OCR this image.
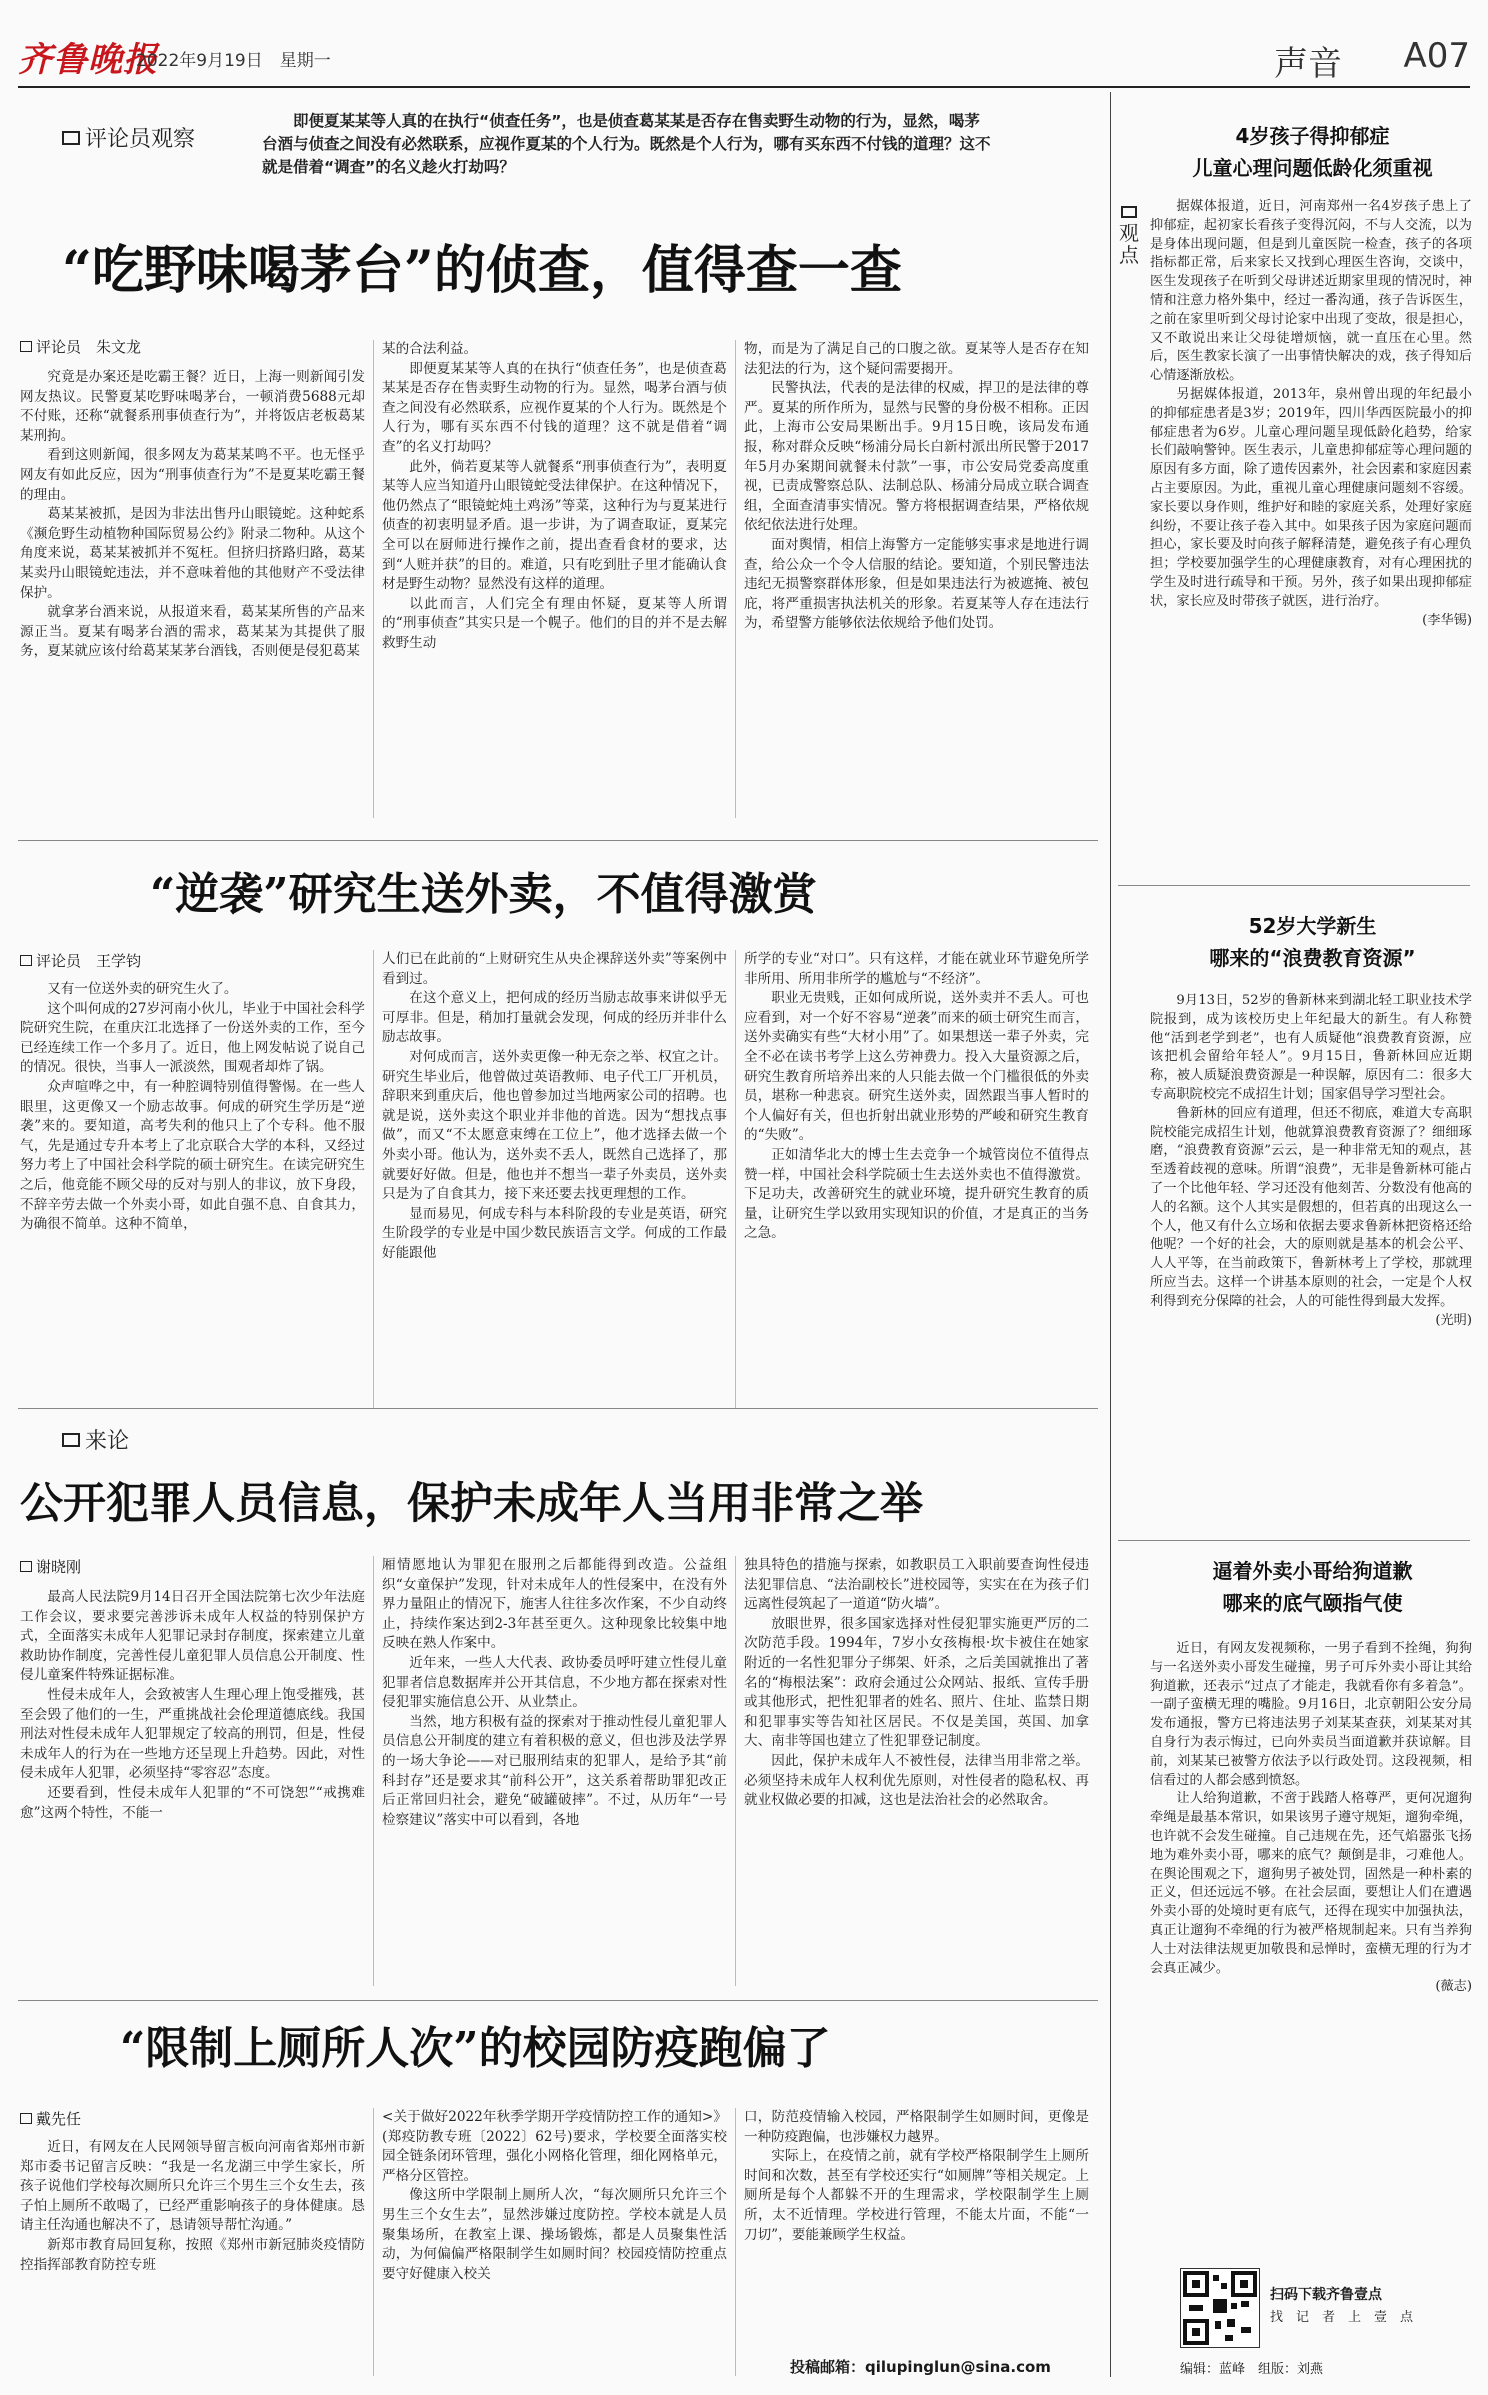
齐鲁晚报
2022年9月19日　星期一	声音 A07
评论员观察
即便夏某某等人真的在执行“侦查任务”，也是侦查葛某某是否存在售卖野生动物的行为，显然，喝茅台酒与侦查之间没有必然联系，应视作夏某的个人行为。既然是个人行为，哪有买东西不付钱的道理？这不就是借着“调查”的名义趁火打劫吗？
“吃野味喝茅台”的侦查，值得查一查
评论员　朱文龙

究竟是办案还是吃霸王餐？近日，上海一则新闻引发网友热议。民警夏某吃野味喝茅台，一顿消费5688元却不付账，还称“就餐系刑事侦查行为”，并将饭店老板葛某某刑拘。

看到这则新闻，很多网友为葛某某鸣不平。也无怪乎网友有如此反应，因为“刑事侦查行为”不是夏某吃霸王餐的理由。

葛某某被抓，是因为非法出售丹山眼镜蛇。这种蛇系《濒危野生动植物种国际贸易公约》附录二物种。从这个角度来说，葛某某被抓并不冤枉。但挤归挤路归路，葛某某卖丹山眼镜蛇违法，并不意味着他的其他财产不受法律保护。

就拿茅台酒来说，从报道来看，葛某某所售的产品来源正当。夏某有喝茅台酒的需求，葛某某为其提供了服务，夏某就应该付给葛某某茅台酒钱，否则便是侵犯葛某

某的合法利益。

即便夏某某等人真的在执行“侦查任务”，也是侦查葛某某是否存在售卖野生动物的行为。显然，喝茅台酒与侦查之间没有必然联系，应视作夏某的个人行为。既然是个人行为，哪有买东西不付钱的道理？这不就是借着“调查”的名义打劫吗？

此外，倘若夏某等人就餐系“刑事侦查行为”，表明夏某等人应当知道丹山眼镜蛇受法律保护。在这种情况下，他仍然点了“眼镜蛇炖土鸡汤”等菜，这种行为与夏某进行侦查的初衷明显矛盾。退一步讲，为了调查取证，夏某完全可以在厨师进行操作之前，提出查看食材的要求，达到“人赃并获”的目的。难道，只有吃到肚子里才能确认食材是野生动物？显然没有这样的道理。

以此而言，人们完全有理由怀疑，夏某等人所谓的“刑事侦查”其实只是一个幌子。他们的目的并不是去解救野生动

物，而是为了满足自己的口腹之欲。夏某等人是否存在知法犯法的行为，这个疑问需要揭开。

民警执法，代表的是法律的权威，捍卫的是法律的尊严。夏某的所作所为，显然与民警的身份极不相称。正因此，上海市公安局果断出手。9月15日晚，该局发布通报，称对群众反映“杨浦分局长白新村派出所民警于2017年5月办案期间就餐未付款”一事，市公安局党委高度重视，已责成警察总队、法制总队、杨浦分局成立联合调查组，全面查清事实情况。警方将根据调查结果，严格依规依纪依法进行处理。

面对舆情，相信上海警方一定能够实事求是地进行调查，给公众一个令人信服的结论。要知道，个别民警违法违纪无损警察群体形象，但是如果违法行为被遮掩、被包庇，将严重损害执法机关的形象。若夏某等人存在违法行为，希望警方能够依法依规给予他们处罚。

“逆袭”研究生送外卖，不值得激赏
评论员　王学钧

又有一位送外卖的研究生火了。

这个叫何成的27岁河南小伙儿，毕业于中国社会科学院研究生院，在重庆江北选择了一份送外卖的工作，至今已经连续工作一个多月了。近日，他上网发帖说了说自己的情况。很快，当事人一派淡然，围观者却炸了锅。

众声喧哗之中，有一种腔调特别值得警惕。在一些人眼里，这更像又一个励志故事。何成的研究生学历是“逆袭”来的。要知道，高考失利的他只上了个专科。他不服气，先是通过专升本考上了北京联合大学的本科，又经过努力考上了中国社会科学院的硕士研究生。在读完研究生之后，他竟能不顾父母的反对与别人的非议，放下身段，不辞辛劳去做一个外卖小哥，如此自强不息、自食其力，为确很不简单。这种不简单，

人们已在此前的“上财研究生从央企裸辞送外卖”等案例中看到过。

在这个意义上，把何成的经历当励志故事来讲似乎无可厚非。但是，稍加打量就会发现，何成的经历并非什么励志故事。

对何成而言，送外卖更像一种无奈之举、权宜之计。研究生毕业后，他曾做过英语教师、电子代工厂开机员，辞职来到重庆后，他也曾参加过当地两家公司的招聘。也就是说，送外卖这个职业并非他的首选。因为“想找点事做”，而又“不太愿意束缚在工位上”，他才选择去做一个外卖小哥。他认为，送外卖不丢人，既然自己选择了，那就要好好做。但是，他也并不想当一辈子外卖员，送外卖只是为了自食其力，接下来还要去找更理想的工作。

显而易见，何成专科与本科阶段的专业是英语，研究生阶段学的专业是中国少数民族语言文学。何成的工作最好能跟他

所学的专业“对口”。只有这样，才能在就业环节避免所学非所用、所用非所学的尴尬与“不经济”。

职业无贵贱，正如何成所说，送外卖并不丢人。可也应看到，对一个好不容易“逆袭”而来的硕士研究生而言，送外卖确实有些“大材小用”了。如果想送一辈子外卖，完全不必在读书考学上这么劳神费力。投入大量资源之后，研究生教育所培养出来的人只能去做一个门槛很低的外卖员，堪称一种悲哀。研究生送外卖，固然跟当事人暂时的个人偏好有关，但也折射出就业形势的严峻和研究生教育的“失败”。

正如清华北大的博士生去竞争一个城管岗位不值得点赞一样，中国社会科学院硕士生去送外卖也不值得激赏。下足功夫，改善研究生的就业环境，提升研究生教育的质量，让研究生学以致用实现知识的价值，才是真正的当务之急。

来论
公开犯罪人员信息，保护未成年人当用非常之举
谢晓刚

最高人民法院9月14日召开全国法院第七次少年法庭工作会议，要求要完善涉诉未成年人权益的特别保护方式，全面落实未成年人犯罪记录封存制度，探索建立儿童救助协作制度，完善性侵儿童犯罪人员信息公开制度、性侵儿童案件特殊证据标准。

性侵未成年人，会致被害人生理心理上饱受摧残，甚至会毁了他们的一生，严重挑战社会伦理道德底线。我国刑法对性侵未成年人犯罪规定了较高的刑罚，但是，性侵未成年人的行为在一些地方还呈现上升趋势。因此，对性侵未成年人犯罪，必须坚持“零容忍”态度。

还要看到，性侵未成年人犯罪的“不可饶恕”“戒携难愈”这两个特性，不能一

厢情愿地认为罪犯在服刑之后都能得到改造。公益组织“女童保护”发现，针对未成年人的性侵案中，在没有外界力量阻止的情况下，施害人往往多次作案，不少自动终止，持续作案达到2-3年甚至更久。这种现象比较集中地反映在熟人作案中。

近年来，一些人大代表、政协委员呼吁建立性侵儿童犯罪者信息数据库并公开其信息，不少地方都在探索对性侵犯罪实施信息公开、从业禁止。

当然，地方积极有益的探索对于推动性侵儿童犯罪人员信息公开制度的建立有着积极的意义，但也涉及法学界的一场大争论——对已服刑结束的犯罪人，是给予其“前科封存”还是要求其“前科公开”，这关系着帮助罪犯改正后正常回归社会，避免“破罐破摔”。不过，从历年“一号检察建议”落实中可以看到，各地

独具特色的措施与探索，如教职员工入职前要查询性侵违法犯罪信息、“法治副校长”进校园等，实实在在为孩子们远离性侵筑起了一道道“防火墙”。

放眼世界，很多国家选择对性侵犯罪实施更严厉的二次防范手段。1994年，7岁小女孩梅根·坎卡被住在她家附近的一名性犯罪分子绑架、奸杀，之后美国就推出了著名的“梅根法案”：政府会通过公众网站、报纸、宣传手册或其他形式，把性犯罪者的姓名、照片、住址、监禁日期和犯罪事实等告知社区居民。不仅是美国，英国、加拿大、南非等国也建立了性犯罪登记制度。

因此，保护未成年人不被性侵，法律当用非常之举。必须坚持未成年人权利优先原则，对性侵者的隐私权、再就业权做必要的扣减，这也是法治社会的必然取舍。

“限制上厕所人次”的校园防疫跑偏了
戴先任

近日，有网友在人民网领导留言板向河南省郑州市新郑市委书记留言反映：“我是一名龙湖三中学生家长，所孩子说他们学校每次厕所只允许三个男生三个女生去，孩子怕上厕所不敢喝了，已经严重影响孩子的身体健康。恳请主任沟通也解决不了，恳请领导帮忙沟通。”

新郑市教育局回复称，按照《郑州市新冠肺炎疫情防控指挥部教育防控专班

<关于做好2022年秋季学期开学疫情防控工作的通知>》(郑疫防教专班〔2022〕62号)要求，学校要全面落实校园全链条闭环管理，强化小网格化管理，细化网格单元，严格分区管控。

像这所中学限制上厕所人次，“每次厕所只允许三个男生三个女生去”，显然涉嫌过度防控。学校本就是人员聚集场所，在教室上课、操场锻炼，都是人员聚集性活动，为何偏偏严格限制学生如厕时间？校园疫情防控重点要守好健康入校关

口，防范疫情输入校园，严格限制学生如厕时间，更像是一种防疫跑偏，也涉嫌权力越界。

实际上，在疫情之前，就有学校严格限制学生上厕所时间和次数，甚至有学校还实行“如厕牌”等相关规定。上厕所是每个人都躲不开的生理需求，学校限制学生上厕所，太不近情理。学校进行管理，不能太片面，不能“一刀切”，要能兼顾学生权益。

投稿邮箱：qilupinglun@sina.com
观点
4岁孩子得抑郁症
儿童心理问题低龄化须重视

据媒体报道，近日，河南郑州一名4岁孩子患上了抑郁症，起初家长看孩子变得沉闷，不与人交流，以为是身体出现问题，但是到儿童医院一检查，孩子的各项指标都正常，后来家长又找到心理医生咨询，交谈中，医生发现孩子在听到父母讲述近期家里现的情况时，神情和注意力格外集中，经过一番沟通，孩子告诉医生，之前在家里听到父母讨论家中出现了变故，很是担心，又不敢说出来让父母徒增烦恼，就一直压在心里。然后，医生教家长演了一出事情快解决的戏，孩子得知后心情逐渐放松。

另据媒体报道，2013年，泉州曾出现的年纪最小的抑郁症患者是3岁；2019年，四川华西医院最小的抑郁症患者为6岁。儿童心理问题呈现低龄化趋势，给家长们敲响警钟。医生表示，儿童患抑郁症等心理问题的原因有多方面，除了遗传因素外，社会因素和家庭因素占主要原因。为此，重视儿童心理健康问题刻不容缓。家长要以身作则，维护好和睦的家庭关系，处理好家庭纠纷，不要让孩子卷入其中。如果孩子因为家庭问题而担心，家长要及时向孩子解释清楚，避免孩子有心理负担；学校要加强学生的心理健康教育，对有心理困扰的学生及时进行疏导和干预。另外，孩子如果出现抑郁症状，家长应及时带孩子就医，进行治疗。

(李华锡)
52岁大学新生
哪来的“浪费教育资源”

9月13日，52岁的鲁新林来到湖北轻工职业技术学院报到，成为该校历史上年纪最大的新生。有人称赞他“活到老学到老”，也有人质疑他“浪费教育资源，应该把机会留给年轻人”。9月15日，鲁新林回应近期称，被人质疑浪费资源是一种误解，原因有二：很多大专高职院校完不成招生计划；国家倡导学习型社会。

鲁新林的回应有道理，但还不彻底，难道大专高职院校能完成招生计划，他就算浪费教育资源了？细细琢磨，“浪费教育资源”云云，是一种非常无知的观点，甚至透着歧视的意味。所谓“浪费”，无非是鲁新林可能占了一个比他年轻、学习还没有他刻苦、分数没有他高的人的名额。这个人其实是假想的，但若真的出现这么一个人，他又有什么立场和依据去要求鲁新林把资格还给他呢？一个好的社会，大的原则就是基本的机会公平、人人平等，在当前政策下，鲁新林考上了学校，那就理所应当去。这样一个讲基本原则的社会，一定是个人权利得到充分保障的社会，人的可能性得到最大发挥。

(光明)
逼着外卖小哥给狗道歉
哪来的底气颐指气使

近日，有网友发视频称，一男子看到不拴绳，狗狗与一名送外卖小哥发生碰撞，男子可斥外卖小哥让其给狗道歉，还表示“过点了才能走，我就看你有多着急”。一副子蛮横无理的嘴脸。9月16日，北京朝阳公安分局发布通报，警方已将违法男子刘某某查获，刘某某对其自身行为表示悔过，已向外卖员当面道歉并获谅解。目前，刘某某已被警方依法予以行政处罚。这段视频，相信看过的人都会感到愤怒。

让人给狗道歉，不啻于践踏人格尊严，更何况遛狗牵绳是最基本常识，如果该男子遵守规矩，遛狗牵绳，也许就不会发生碰撞。自己违规在先，还气焰嚣张飞扬地为难外卖小哥，哪来的底气？颠倒是非，刁难他人。在舆论围观之下，遛狗男子被处罚，固然是一种朴素的正义，但还远远不够。在社会层面，要想让人们在遭遇外卖小哥的处境时更有底气，还得在现实中加强执法，真正让遛狗不牵绳的行为被严格规制起来。只有当养狗人士对法律法规更加敬畏和忌惮时，蛮横无理的行为才会真正减少。

(薇志)
扫码下载齐鲁壹点
找　记　者　上　壹　点
编辑：蓝峰　组版：刘燕
